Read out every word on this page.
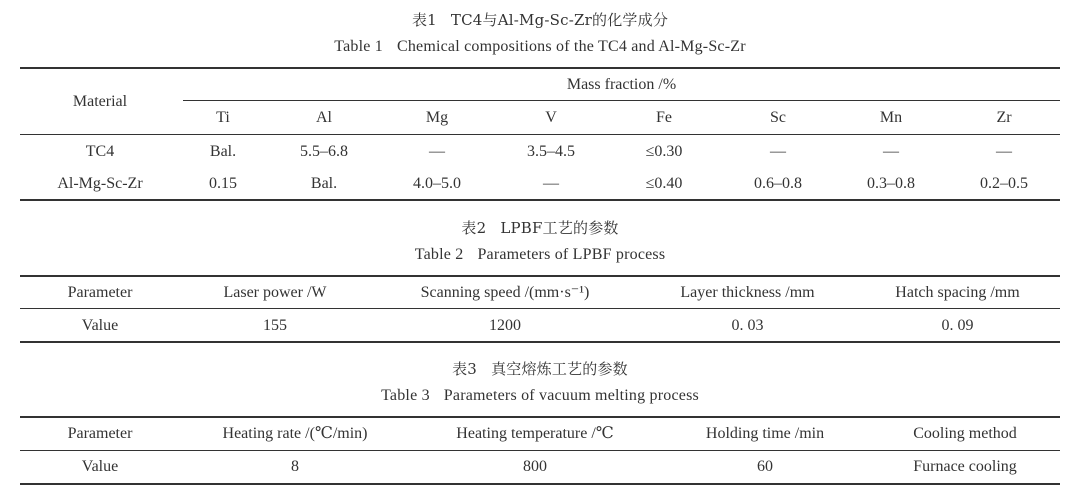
表1 TC4与Al-Mg-Sc-Zr的化学成分
Table 1 Chemical compositions of the TC4 and Al-Mg-Sc-Zr
Material
Mass fraction /%
Ti	Al	Mg	V	Fe	Sc	Mn	Zr
TC4	Bal.	5.5–6.8	—	3.5–4.5	≤0.30	—	—	—
Al-Mg-Sc-Zr	0.15	Bal.	4.0–5.0	—	≤0.40	0.6–0.8	0.3–0.8	0.2–0.5
表2 LPBF工艺的参数
Table 2 Parameters of LPBF process
Parameter	Laser power /W	Scanning speed /(mm·s⁻¹)	Layer thickness /mm	Hatch spacing /mm
Value	155	1200	0. 03	0. 09
表3 真空熔炼工艺的参数
Table 3 Parameters of vacuum melting process
Parameter	Heating rate /(℃/min)	Heating temperature /℃	Holding time /min	Cooling method
Value	8	800	60	Furnace cooling
